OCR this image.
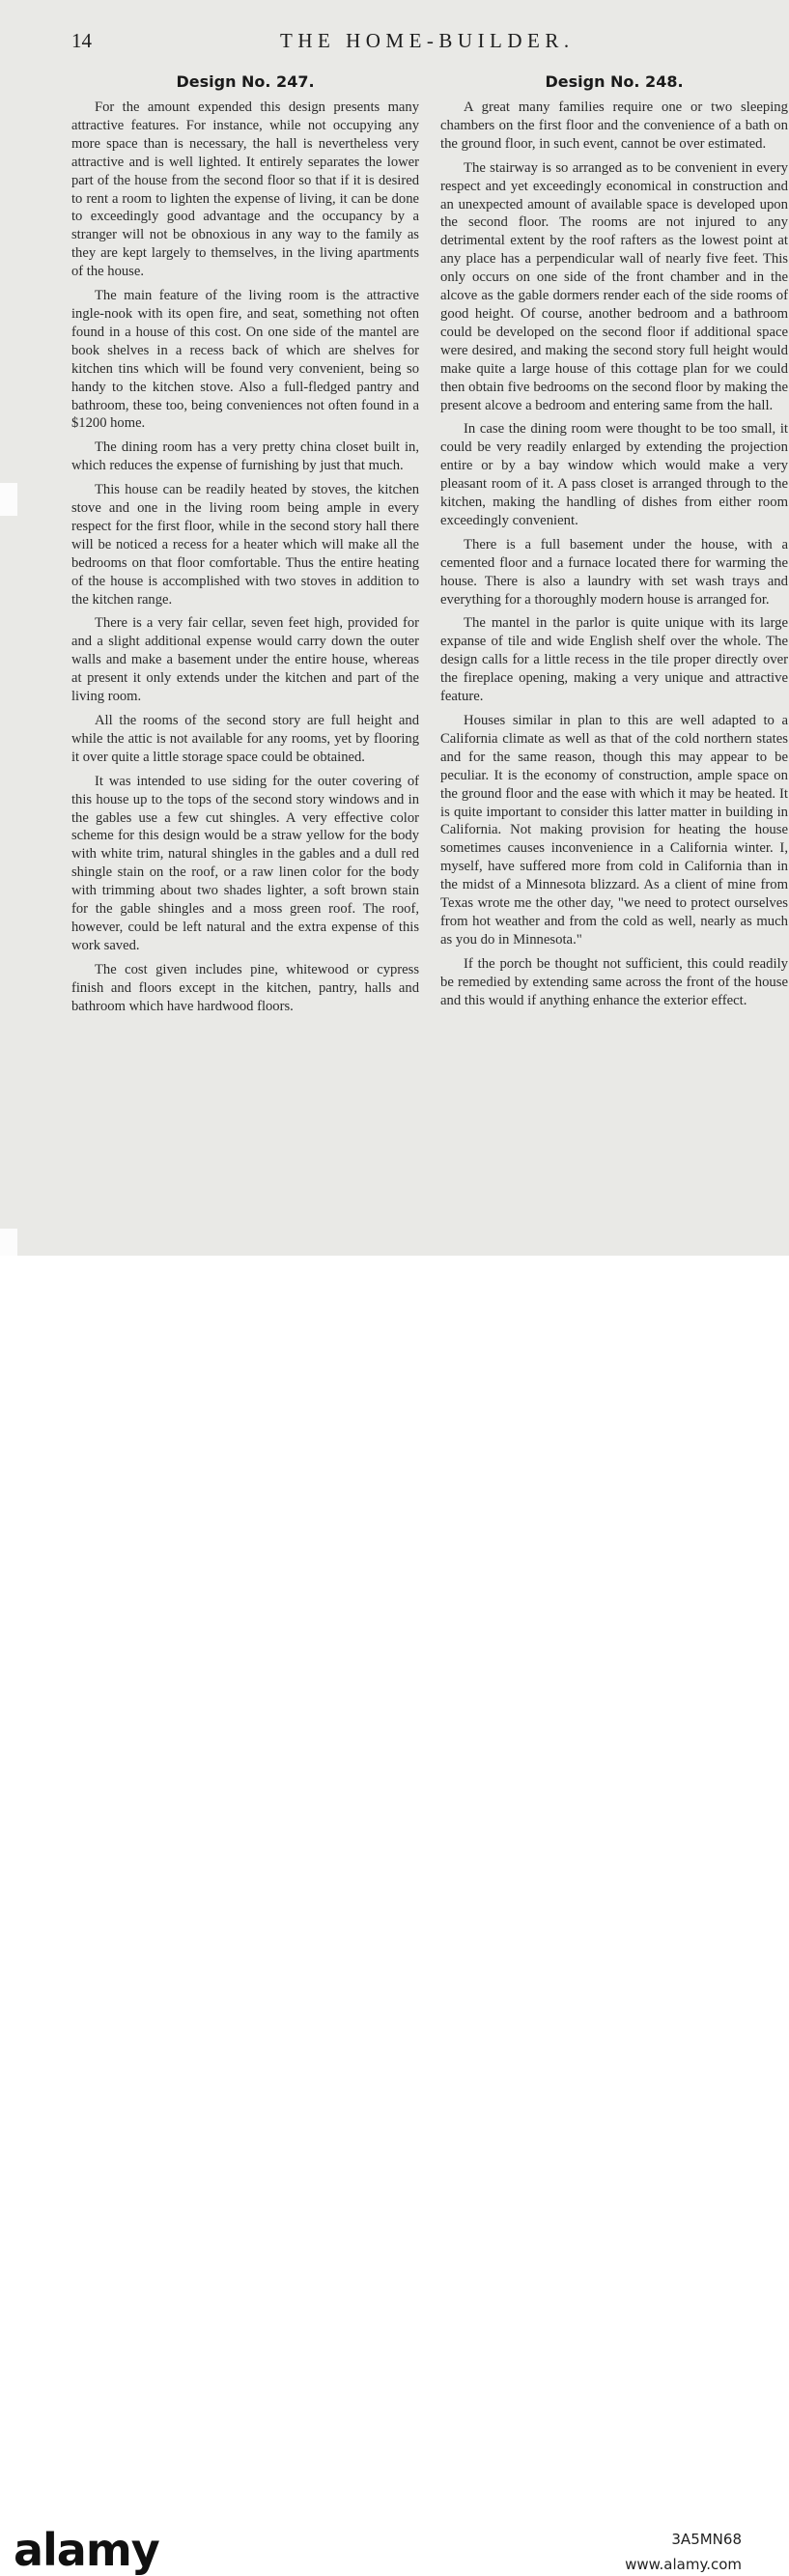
14	THE HOME-BUILDER.
Design No. 247.

For the amount expended this design presents many attractive features. For instance, while not occupying any more space than is necessary, the hall is nevertheless very attractive and is well lighted. It entirely separates the lower part of the house from the second floor so that if it is desired to rent a room to lighten the expense of living, it can be done to exceedingly good advantage and the occupancy by a stranger will not be obnoxious in any way to the family as they are kept largely to themselves, in the living apartments of the house.

The main feature of the living room is the attractive ingle-nook with its open fire, and seat, something not often found in a house of this cost. On one side of the mantel are book shelves in a recess back of which are shelves for kitchen tins which will be found very convenient, being so handy to the kitchen stove. Also a full-fledged pantry and bathroom, these too, being conveniences not often found in a $1200 home.

The dining room has a very pretty china closet built in, which reduces the expense of furnishing by just that much.

This house can be readily heated by stoves, the kitchen stove and one in the living room being ample in every respect for the first floor, while in the second story hall there will be noticed a recess for a heater which will make all the bedrooms on that floor comfortable. Thus the entire heating of the house is accomplished with two stoves in addition to the kitchen range.

There is a very fair cellar, seven feet high, provided for and a slight additional expense would carry down the outer walls and make a basement under the entire house, whereas at present it only extends under the kitchen and part of the living room.

All the rooms of the second story are full height and while the attic is not available for any rooms, yet by flooring it over quite a little storage space could be obtained.

It was intended to use siding for the outer covering of this house up to the tops of the second story windows and in the gables use a few cut shingles. A very effective color scheme for this design would be a straw yellow for the body with white trim, natural shingles in the gables and a dull red shingle stain on the roof, or a raw linen color for the body with trimming about two shades lighter, a soft brown stain for the gable shingles and a moss green roof. The roof, however, could be left natural and the extra expense of this work saved.

The cost given includes pine, whitewood or cypress finish and floors except in the kitchen, pantry, halls and bathroom which have hardwood floors.

Design No. 248.

A great many families require one or two sleeping chambers on the first floor and the convenience of a bath on the ground floor, in such event, cannot be over estimated.

The stairway is so arranged as to be convenient in every respect and yet exceedingly economical in construction and an unexpected amount of available space is developed upon the second floor. The rooms are not injured to any detrimental extent by the roof rafters as the lowest point at any place has a perpendicular wall of nearly five feet. This only occurs on one side of the front chamber and in the alcove as the gable dormers render each of the side rooms of good height. Of course, another bedroom and a bathroom could be developed on the second floor if additional space were desired, and making the second story full height would make quite a large house of this cottage plan for we could then obtain five bedrooms on the second floor by making the present alcove a bedroom and entering same from the hall.

In case the dining room were thought to be too small, it could be very readily enlarged by extending the projection entire or by a bay window which would make a very pleasant room of it. A pass closet is arranged through to the kitchen, making the handling of dishes from either room exceedingly convenient.

There is a full basement under the house, with a cemented floor and a furnace located there for warming the house. There is also a laundry with set wash trays and everything for a thoroughly modern house is arranged for.

The mantel in the parlor is quite unique with its large expanse of tile and wide English shelf over the whole. The design calls for a little recess in the tile proper directly over the fireplace opening, making a very unique and attractive feature.

Houses similar in plan to this are well adapted to a California climate as well as that of the cold northern states and for the same reason, though this may appear to be peculiar. It is the economy of construction, ample space on the ground floor and the ease with which it may be heated. It is quite important to consider this latter matter in building in California. Not making provision for heating the house sometimes causes inconvenience in a California winter. I, myself, have suffered more from cold in California than in the midst of a Minnesota blizzard. As a client of mine from Texas wrote me the other day, "we need to protect ourselves from hot weather and from the cold as well, nearly as much as you do in Minnesota."

If the porch be thought not sufficient, this could readily be remedied by extending same across the front of the house and this would if anything enhance the exterior effect.

alamy	3A5MN68
www.alamy.com
